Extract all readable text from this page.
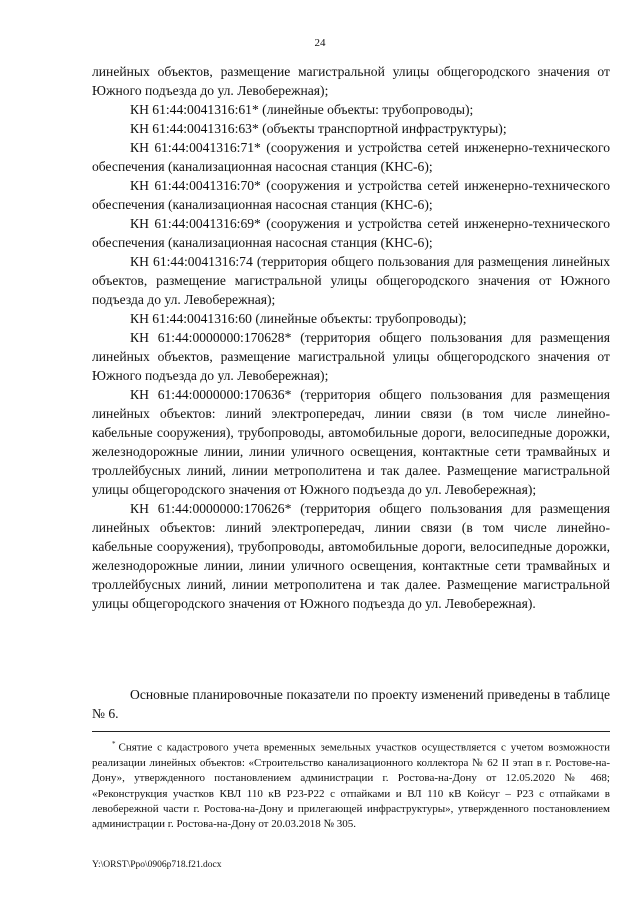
24

линейных объектов, размещение магистральной улицы общегородского значения от Южного подъезда до ул. Левобережная);

КН 61:44:0041316:61* (линейные объекты: трубопроводы);

КН 61:44:0041316:63* (объекты транспортной инфраструктуры);

КН 61:44:0041316:71* (сооружения и устройства сетей инженерно-технического обеспечения (канализационная насосная станция (КНС-6);

КН 61:44:0041316:70* (сооружения и устройства сетей инженерно-технического обеспечения (канализационная насосная станция (КНС-6);

КН 61:44:0041316:69* (сооружения и устройства сетей инженерно-технического обеспечения (канализационная насосная станция (КНС-6);

КН 61:44:0041316:74 (территория общего пользования для размещения линейных объектов, размещение магистральной улицы общегородского значения от Южного подъезда до ул. Левобережная);

КН 61:44:0041316:60 (линейные объекты: трубопроводы);

КН 61:44:0000000:170628* (территория общего пользования для размещения линейных объектов, размещение магистральной улицы общегородского значения от Южного подъезда до ул. Левобережная);

КН 61:44:0000000:170636* (территория общего пользования для размещения линейных объектов: линий электропередач, линии связи (в том числе линейно-кабельные сооружения), трубопроводы, автомобильные дороги, велосипедные дорожки, железнодорожные линии, линии уличного освещения, контактные сети трамвайных и троллейбусных линий, линии метрополитена и так далее. Размещение магистральной улицы общегородского значения от Южного подъезда до ул. Левобережная);

КН 61:44:0000000:170626* (территория общего пользования для размещения линейных объектов: линий электропередач, линии связи (в том числе линейно-кабельные сооружения), трубопроводы, автомобильные дороги, велосипедные дорожки, железнодорожные линии, линии уличного освещения, контактные сети трамвайных и троллейбусных линий, линии метрополитена и так далее. Размещение магистральной улицы общегородского значения от Южного подъезда до ул. Левобережная).

Основные планировочные показатели по проекту изменений приведены в таблице № 6.

* Снятие с кадастрового учета временных земельных участков осуществляется с учетом возможности реализации линейных объектов: «Строительство канализационного коллектора № 62 II этап в г. Ростове-на-Дону», утвержденного постановлением администрации г. Ростова-на-Дону от 12.05.2020 № 468; «Реконструкция участков КВЛ 110 кВ Р23-Р22 с отпайками и ВЛ 110 кВ Койсуг – Р23 с отпайками в левобережной части г. Ростова-на-Дону и прилегающей инфраструктуры», утвержденного постановлением администрации г. Ростова-на-Дону от 20.03.2018 № 305.

Y:\ORST\Ppo\0906p718.f21.docx
